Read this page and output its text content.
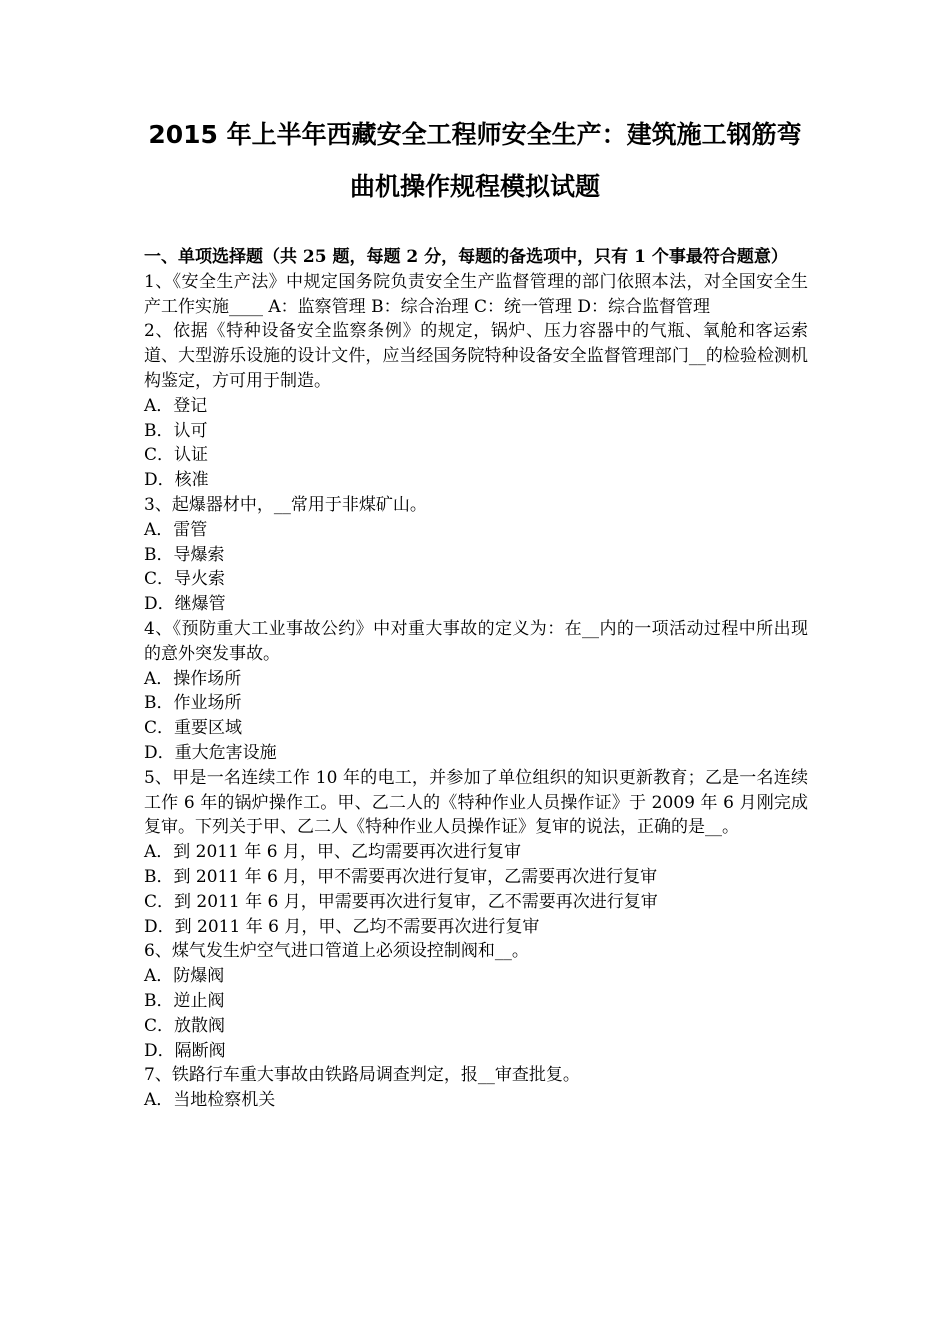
2015 年上半年西藏安全工程师安全生产：建筑施工钢筋弯
曲机操作规程模拟试题
一、单项选择题（共 25 题，每题 2 分，每题的备选项中，只有 1 个事最符合题意）
1、《安全生产法》中规定国务院负责安全生产监督管理的部门依照本法，对全国安全生产工作实施____ A：监察管理 B：综合治理 C：统一管理 D：综合监督管理
2、依据《特种设备安全监察条例》的规定，锅炉、压力容器中的气瓶、氧舱和客运索道、大型游乐设施的设计文件，应当经国务院特种设备安全监督管理部门__的检验检测机构鉴定，方可用于制造。
A．登记
B．认可
C．认证
D．核准
3、起爆器材中，__常用于非煤矿山。
A．雷管
B．导爆索
C．导火索
D．继爆管
4、《预防重大工业事故公约》中对重大事故的定义为：在__内的一项活动过程中所出现的意外突发事故。
A．操作场所
B．作业场所
C．重要区域
D．重大危害设施
5、甲是一名连续工作 10 年的电工，并参加了单位组织的知识更新教育；乙是一名连续工作 6 年的锅炉操作工。甲、乙二人的《特种作业人员操作证》于 2009 年 6 月刚完成复审。下列关于甲、乙二人《特种作业人员操作证》复审的说法，正确的是__。
A．到 2011 年 6 月，甲、乙均需要再次进行复审
B．到 2011 年 6 月，甲不需要再次进行复审，乙需要再次进行复审
C．到 2011 年 6 月，甲需要再次进行复审，乙不需要再次进行复审
D．到 2011 年 6 月，甲、乙均不需要再次进行复审
6、煤气发生炉空气进口管道上必须设控制阀和__。
A．防爆阀
B．逆止阀
C．放散阀
D．隔断阀
7、铁路行车重大事故由铁路局调查判定，报__审查批复。
A．当地检察机关
